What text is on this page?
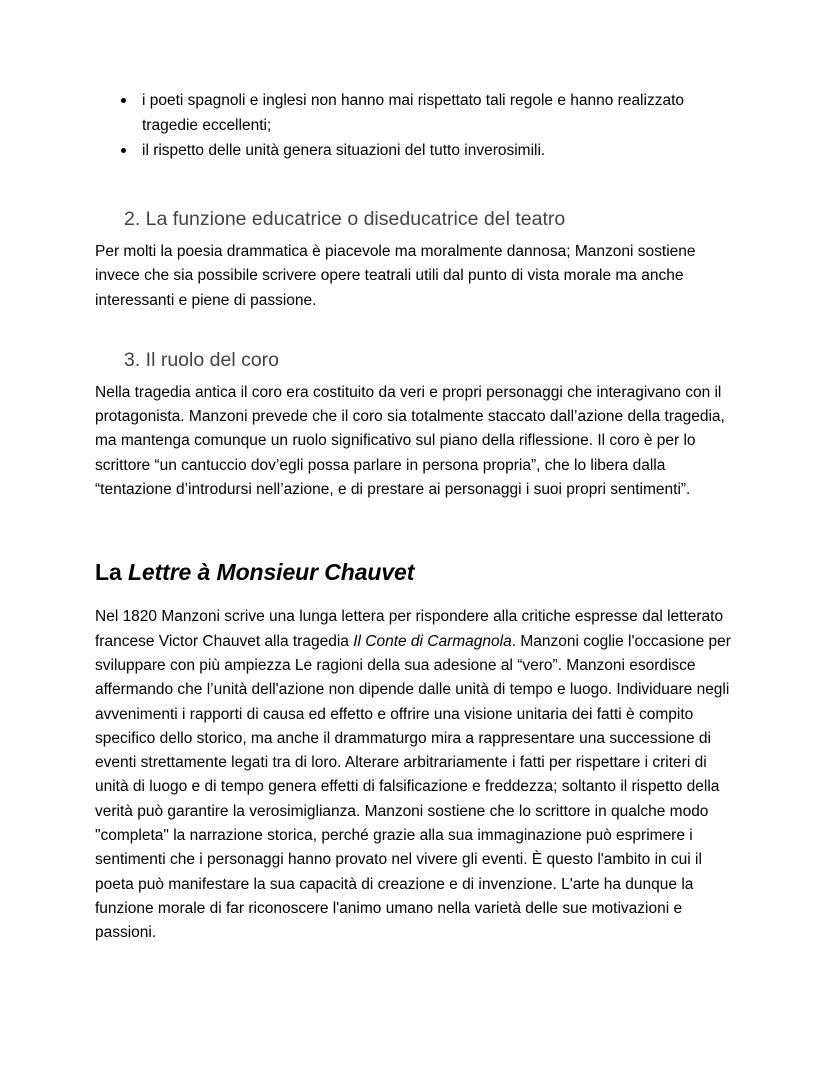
i poeti spagnoli e inglesi non hanno mai rispettato tali regole e hanno realizzato tragedie eccellenti;
il rispetto delle unità genera situazioni del tutto inverosimili.
2. La funzione educatrice o diseducatrice del teatro

Per molti la poesia drammatica è piacevole ma moralmente dannosa; Manzoni sostiene invece che sia possibile scrivere opere teatrali utili dal punto di vista morale ma anche interessanti e piene di passione.

3. Il ruolo del coro

Nella tragedia antica il coro era costituito da veri e propri personaggi che interagivano con il protagonista. Manzoni prevede che il coro sia totalmente staccato dall’azione della tragedia, ma mantenga comunque un ruolo significativo sul piano della riflessione. Il coro è per lo scrittore “un cantuccio dov’egli possa parlare in persona propria”, che lo libera dalla “tentazione d’introdursi nell’azione, e di prestare ai personaggi i suoi propri sentimenti”.

La Lettre à Monsieur Chauvet

Nel 1820 Manzoni scrive una lunga lettera per rispondere alla critiche espresse dal letterato francese Victor Chauvet alla tragedia Il Conte di Carmagnola. Manzoni coglie l'occasione per sviluppare con più ampiezza Le ragioni della sua adesione al “vero”. Manzoni esordisce affermando che l’unità dell'azione non dipende dalle unità di tempo e luogo. Individuare negli avvenimenti i rapporti di causa ed effetto e offrire una visione unitaria dei fatti è compito specifico dello storico, ma anche il drammaturgo mira a rappresentare una successione di eventi strettamente legati tra di loro. Alterare arbitrariamente i fatti per rispettare i criteri di unità di luogo e di tempo genera effetti di falsificazione e freddezza; soltanto il rispetto della verità può garantire la verosimiglianza. Manzoni sostiene che lo scrittore in qualche modo "completa" la narrazione storica, perché grazie alla sua immaginazione può esprimere i sentimenti che i personaggi hanno provato nel vivere gli eventi. È questo l'ambito in cui il poeta può manifestare la sua capacità di creazione e di invenzione. L'arte ha dunque la funzione morale di far riconoscere l'animo umano nella varietà delle sue motivazioni e passioni.
